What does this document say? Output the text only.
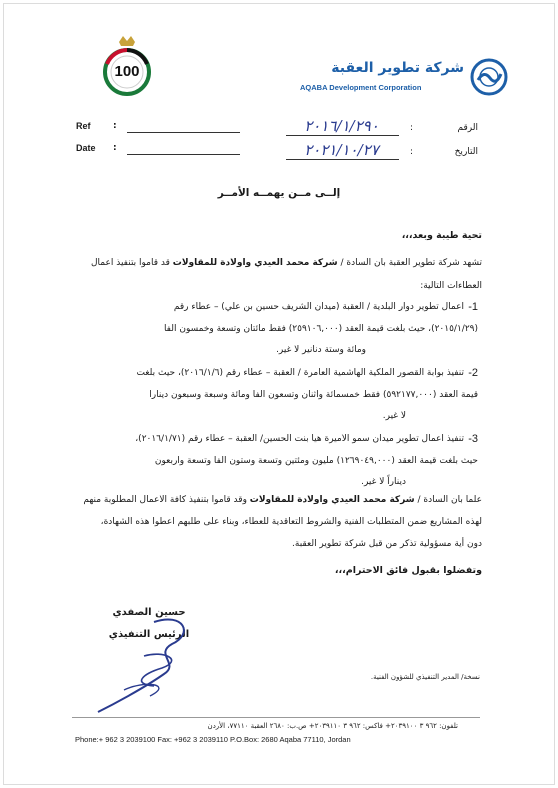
100	شركة تطوير العقبة
AQABA Development Corporation
Ref :
Date :
الرقم
:
٢٠١٦/١/٢٩٠
التاريخ
:
٢٠٢١/١٠/٢٧
إلــى مــن يهمــه الأمــر
تحية طيبة وبعد،،،
تشهد شركة تطوير العقبة بأن السادة / شركة محمد العيدي وأولادة للمقاولات قد قاموا بتنفيذ أعمال
العطاءات التالية:
-1
أعمال تطوير دوار البلدية / العقبة (ميدان الشريف حسين بن علي) – عطاء رقم
(٢٠١٥/١/٢٩)، حيث بلغت قيمة العقد (٢٥٩١٠٦,٠٠٠) فقط مائتان وتسعة وخمسون ألفاً
ومائة وستة دنانير لا غير.
-2
تنفيذ بوابة القصور الملكية الهاشمية العامرة / العقبة – عطاء رقم (٢٠١٦/١/٦)، حيث بلغت
قيمة العقد (٥٩٢١٧٧,٠٠٠) فقط خمسمائة واثنان وتسعون ألفاً ومائة وسبعة وسبعون ديناراً
لا غير.
-3
تنفيذ أعمال تطوير ميدان سمو الأميرة هيا بنت الحسين/ العقبة – عطاء رقم (٢٠١٦/١/٧١)،
حيث بلغت قيمة العقد (١٢٦٩٠٤٩,٠٠٠) مليون ومئتين وتسعة وستون ألفاً وتسعة وأربعون
ديناراً لا غير.
علما بأن السادة / شركة محمد العيدي وأولادة للمقاولات وقد قاموا بتنفيذ كافة الاعمال المطلوبة منهم
لهذه المشاريع ضمن المتطلبات الفنية والشروط التعاقدية للعطاء، وبناء على طلبهم أعطوا هذه الشهادة،
دون أية مسؤولية تذكر من قبل شركة تطوير العقبة.
وتفضلوا بقبول فائق الاحترام،،،
حسين الصفدي
الرئيس التنفيذي
نسخة/ المدير التنفيذي للشؤون الفنية.
تلفون: ٩٦٢ ٣ ٢٠٣٩١٠٠+ فاكس: ٩٦٢ ٣ ٢٠٣٩١١٠+ ص.ب: ٢٦٨٠ العقبة ٧٧١١٠، الأردن
Phone:+ 962 3 2039100 Fax: +962 3 2039110 P.O.Box: 2680 Aqaba 77110, Jordan
